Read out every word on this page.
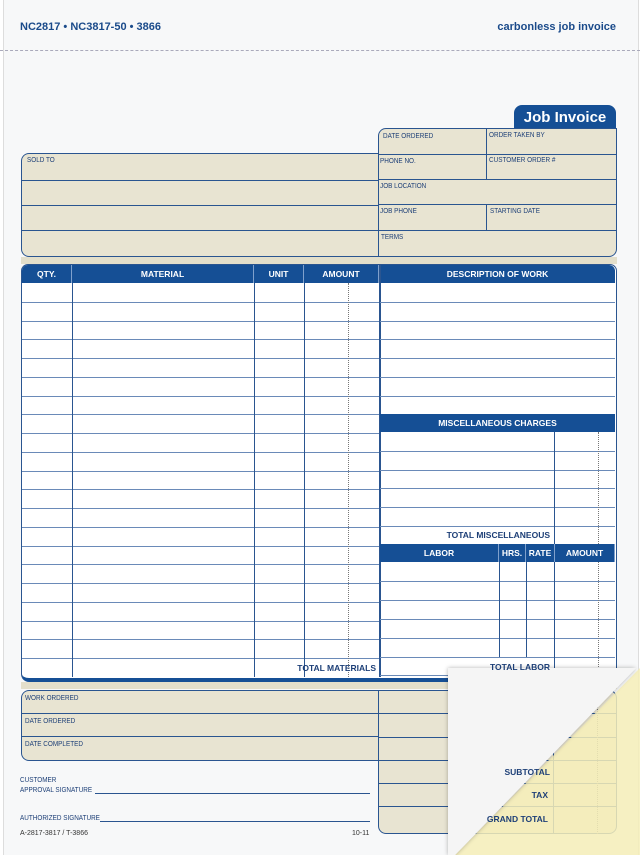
NC2817 • NC3817-50 • 3866	carbonless job invoice
Job Invoice
SOLD TO
DATE ORDERED	ORDER TAKEN BY
PHONE NO.	CUSTOMER ORDER #
JOB LOCATION
JOB PHONE	STARTING DATE
TERMS
QTY.	MATERIAL	UNIT	AMOUNT	DESCRIPTION OF WORK
TOTAL MATERIALS
MISCELLANEOUS CHARGES
TOTAL MISCELLANEOUS
LABOR	HRS. RATE	AMOUNT
TOTAL LABOR
WORK ORDERED
DATE ORDERED
DATE COMPLETED
CUSTOMER
APPROVAL SIGNATURE
AUTHORIZED SIGNATURE
A-2817-3817 / T-3866	10-11
SUBTOTAL
TAX
GRAND TOTAL
